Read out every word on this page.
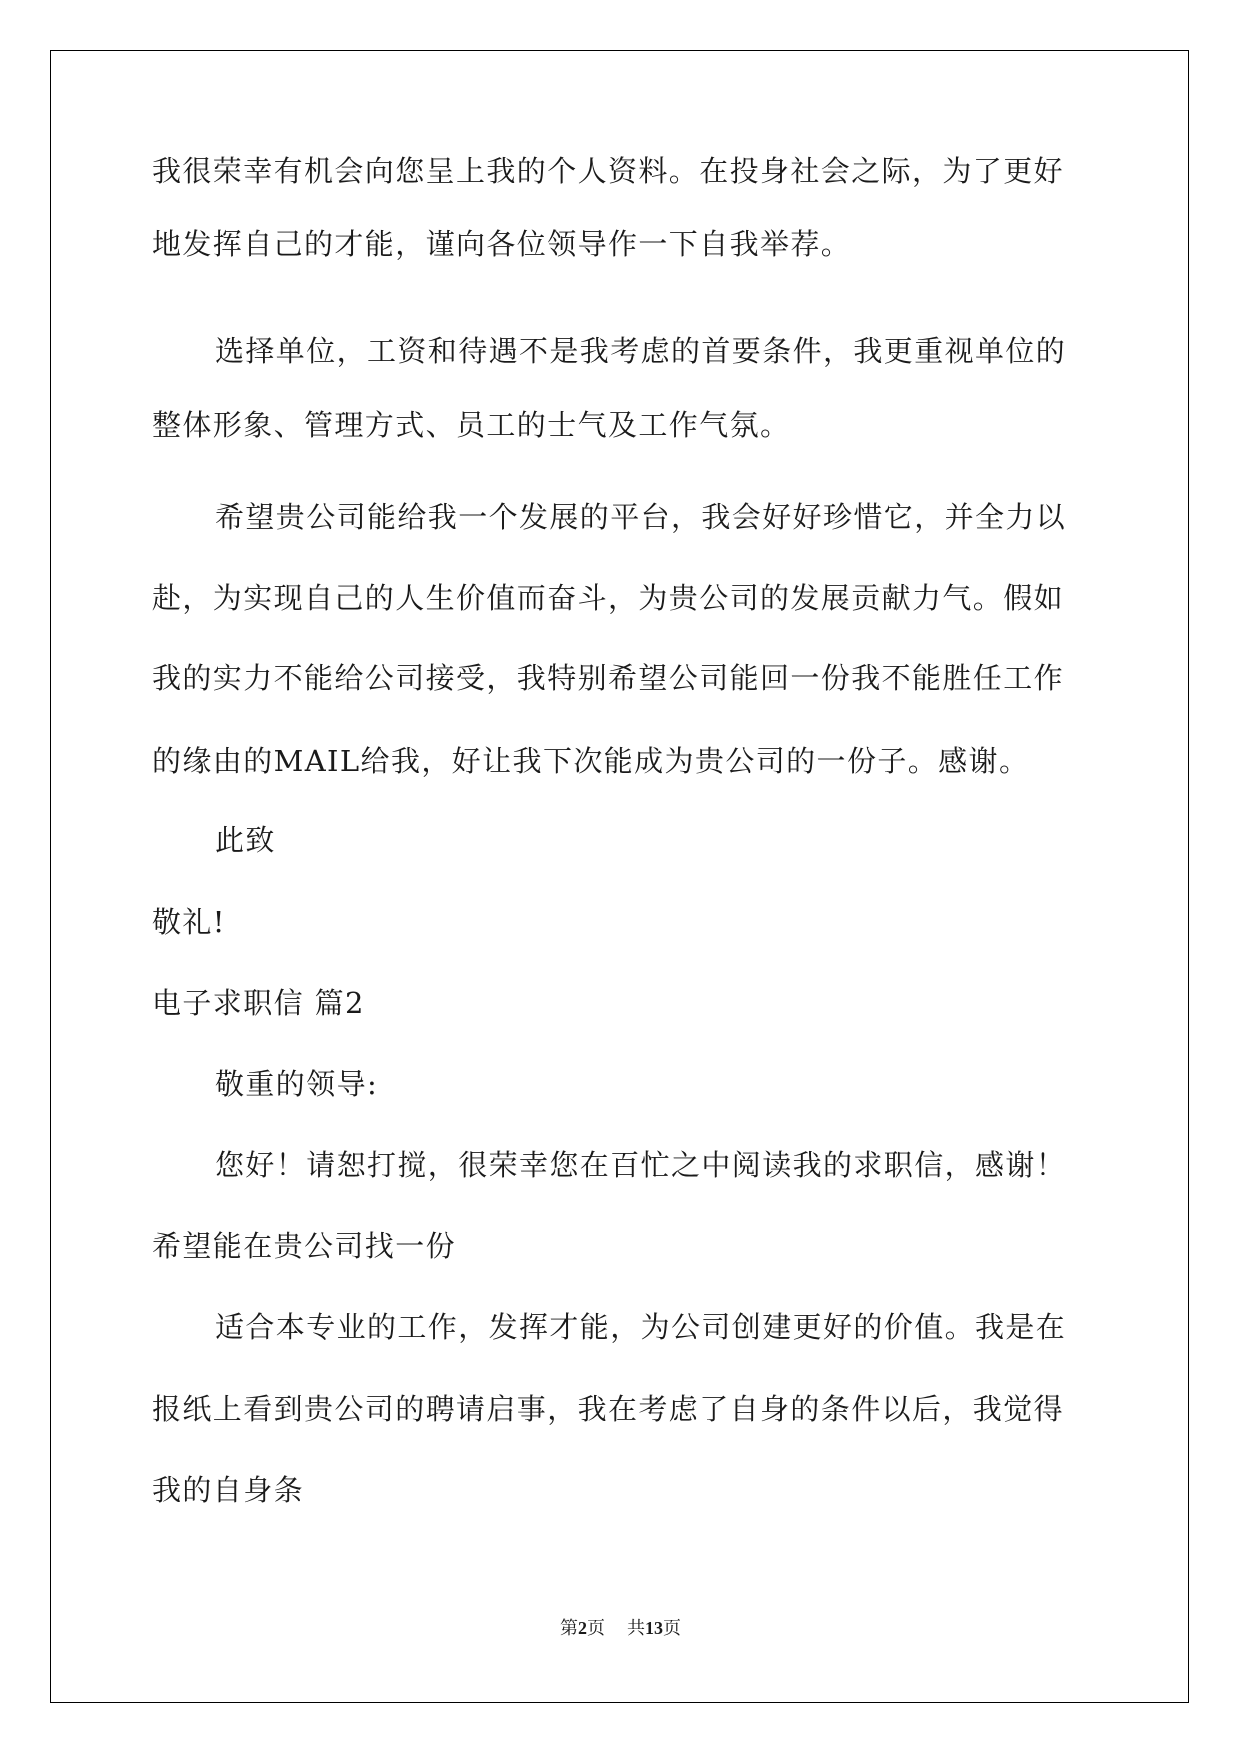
我很荣幸有机会向您呈上我的个人资料。在投身社会之际，为了更好
地发挥自己的才能，谨向各位领导作一下自我举荐。
选择单位，工资和待遇不是我考虑的首要条件，我更重视单位的
整体形象、管理方式、员工的士气及工作气氛。
希望贵公司能给我一个发展的平台，我会好好珍惜它，并全力以
赴，为实现自己的人生价值而奋斗，为贵公司的发展贡献力气。假如
我的实力不能给公司接受，我特别希望公司能回一份我不能胜任工作
的缘由的MAIL给我，好让我下次能成为贵公司的一份子。感谢。
此致
敬礼!
电子求职信 篇2
敬重的领导:
您好！请恕打搅，很荣幸您在百忙之中阅读我的求职信，感谢！
希望能在贵公司找一份
适合本专业的工作，发挥才能，为公司创建更好的价值。我是在
报纸上看到贵公司的聘请启事，我在考虑了自身的条件以后，我觉得
我的自身条
第2页 共13页
